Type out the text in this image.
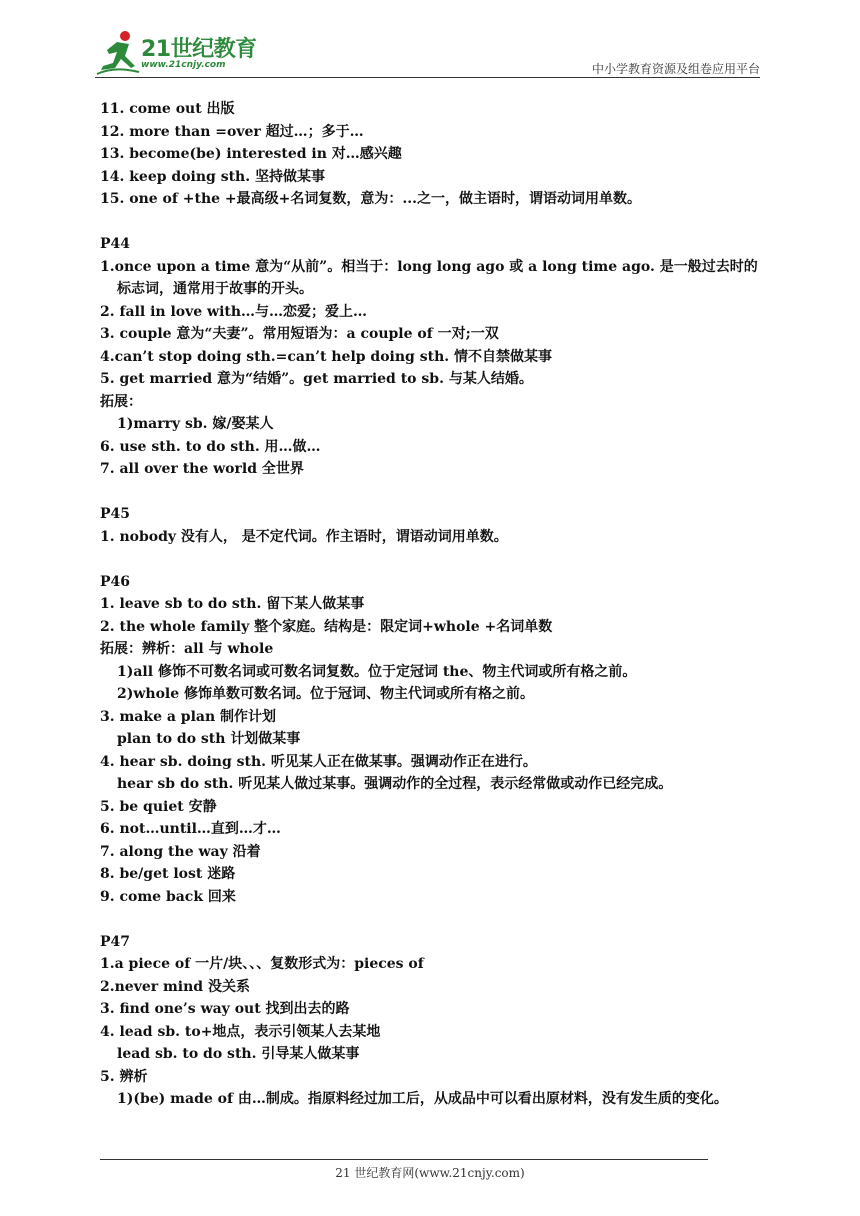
21世纪教育
www.21cnjy.com	中小学教育资源及组卷应用平台
11. come out 出版
12. more than =over 超过…；多于…
13. become(be) interested in 对…感兴趣
14. keep doing sth. 坚持做某事
15. one of +the +最高级+名词复数，意为：...之一，做主语时，谓语动词用单数。
P44
1.once upon a time 意为“从前”。相当于：long long ago 或 a long time ago. 是一般过去时的标志词，通常用于故事的开头。
2. fall in love with…与…恋爱；爱上…
3. couple 意为“夫妻”。常用短语为：a couple of 一对;一双
4.can’t stop doing sth.=can’t help doing sth. 情不自禁做某事
5. get married 意为“结婚”。get married to sb. 与某人结婚。
拓展：
1)marry sb. 嫁/娶某人
6. use sth. to do sth. 用…做…
7. all over the world 全世界
P45
1. nobody 没有人， 是不定代词。作主语时，谓语动词用单数。
P46
1. leave sb to do sth. 留下某人做某事
2. the whole family 整个家庭。结构是：限定词+whole +名词单数
拓展：辨析：all 与 whole
1)all 修饰不可数名词或可数名词复数。位于定冠词 the、物主代词或所有格之前。
2)whole 修饰单数可数名词。位于冠词、物主代词或所有格之前。
3. make a plan 制作计划
plan to do sth 计划做某事
4. hear sb. doing sth. 听见某人正在做某事。强调动作正在进行。
hear sb do sth. 听见某人做过某事。强调动作的全过程，表示经常做或动作已经完成。
5. be quiet 安静
6. not…until…直到…才…
7. along the way 沿着
8. be/get lost 迷路
9. come back 回来
P47
1.a piece of 一片/块、、、复数形式为：pieces of
2.never mind 没关系
3. find one’s way out 找到出去的路
4. lead sb. to+地点，表示引领某人去某地
lead sb. to do sth. 引导某人做某事
5. 辨析
1)(be) made of 由…制成。指原料经过加工后，从成品中可以看出原材料，没有发生质的变化。
21 世纪教育网(www.21cnjy.com)
